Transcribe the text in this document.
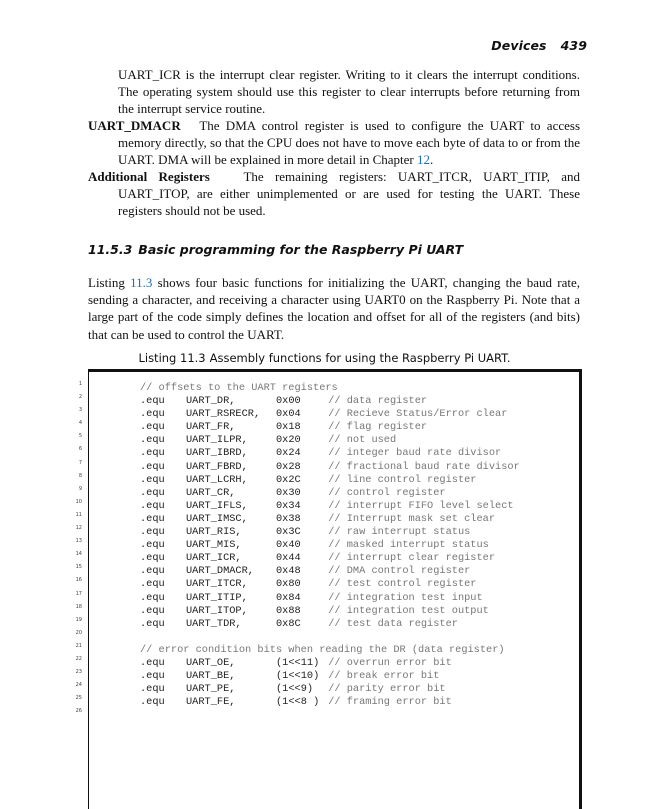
Devices 439
UART_ICR is the interrupt clear register. Writing to it clears the interrupt conditions. The operating system should use this register to clear interrupts before returning from the interrupt service routine.
UART_DMACR The DMA control register is used to configure the UART to access memory directly, so that the CPU does not have to move each byte of data to or from the UART. DMA will be explained in more detail in Chapter 12.
Additional Registers	The remaining registers: UART_ITCR, UART_ITIP, and UART_ITOP, are either unimplemented or are used for testing the UART. These registers should not be used.
11.5.3 Basic programming for the Raspberry Pi UART
Listing 11.3 shows four basic functions for initializing the UART, changing the baud rate, sending a character, and receiving a character using UART0 on the Raspberry Pi. Note that a large part of the code simply defines the location and offset for all of the registers (and bits) that can be used to control the UART.
Listing 11.3 Assembly functions for using the Raspberry Pi UART.
1
2
3
4
5
6
7
8
9
10
11
12
13
14
15
16
17
18
19
20
21
22
23
24
25
26
// offsets to the UART registers
.equ UART_DR,	0x00	// data register
.equ UART_RSRECR, 0x04	// Recieve Status/Error clear
.equ UART_FR,	0x18	// flag register
.equ UART_ILPR,	0x20	// not used
.equ UART_IBRD,	0x24	// integer baud rate divisor
.equ UART_FBRD,	0x28	// fractional baud rate divisor
.equ UART_LCRH,	0x2C	// line control register
.equ UART_CR,	0x30	// control register
.equ UART_IFLS,	0x34	// interrupt FIFO level select
.equ UART_IMSC,	0x38	// Interrupt mask set clear
.equ UART_RIS,	0x3C	// raw interrupt status
.equ UART_MIS,	0x40	// masked interrupt status
.equ UART_ICR,	0x44	// interrupt clear register
.equ UART_DMACR, 0x48	// DMA control register
.equ UART_ITCR,	0x80	// test control register
.equ UART_ITIP,	0x84	// integration test input
.equ UART_ITOP,	0x88	// integration test output
.equ UART_TDR,	0x8C	// test data register
// error condition bits when reading the DR (data register)
.equ UART_OE,	(1<<11) // overrun error bit
.equ UART_BE,	(1<<10) // break error bit
.equ UART_PE,	(1<<9)  // parity error bit
.equ UART_FE,	(1<<8 ) // framing error bit
